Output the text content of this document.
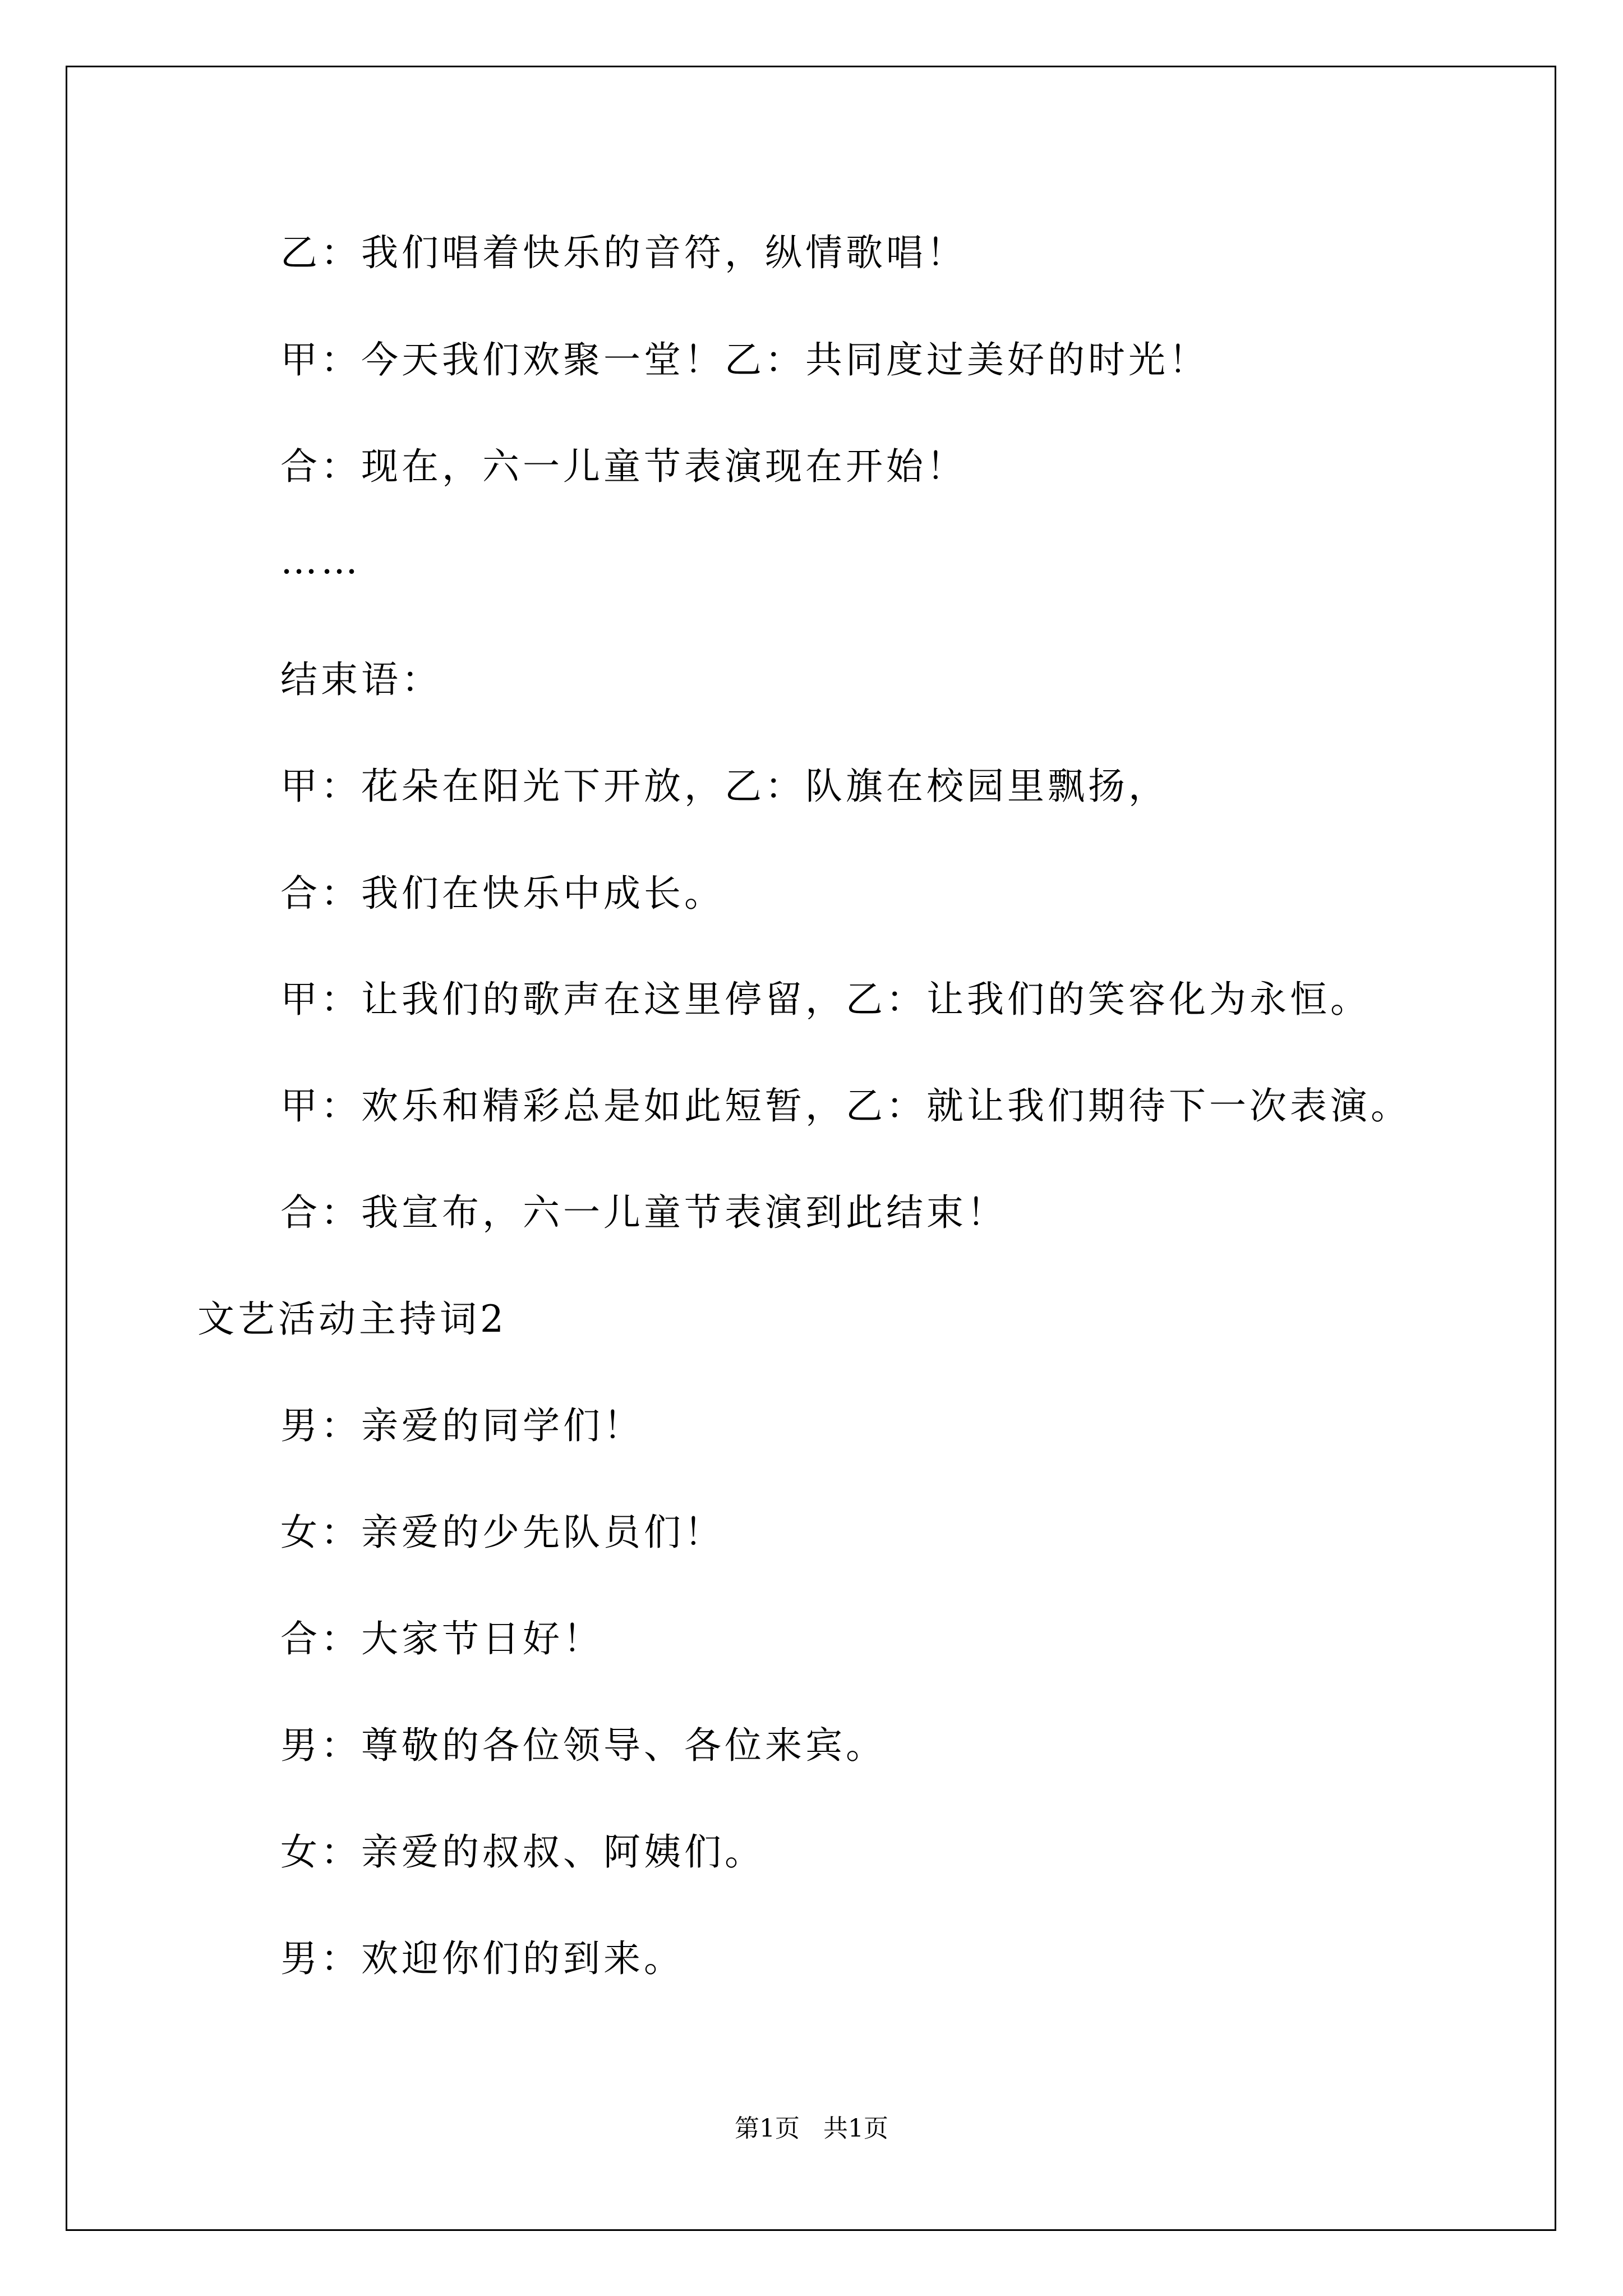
乙：我们唱着快乐的音符，纵情歌唱！
甲：今天我们欢聚一堂！乙：共同度过美好的时光！
合：现在，六一儿童节表演现在开始！
……
结束语：
甲：花朵在阳光下开放，乙：队旗在校园里飘扬，
合：我们在快乐中成长。
甲：让我们的歌声在这里停留，乙：让我们的笑容化为永恒。
甲：欢乐和精彩总是如此短暂，乙：就让我们期待下一次表演。
合：我宣布，六一儿童节表演到此结束！
文艺活动主持词2
男：亲爱的同学们！
女：亲爱的少先队员们！
合：大家节日好！
男：尊敬的各位领导、各位来宾。
女：亲爱的叔叔、阿姨们。
男：欢迎你们的到来。
第1页   共1页
